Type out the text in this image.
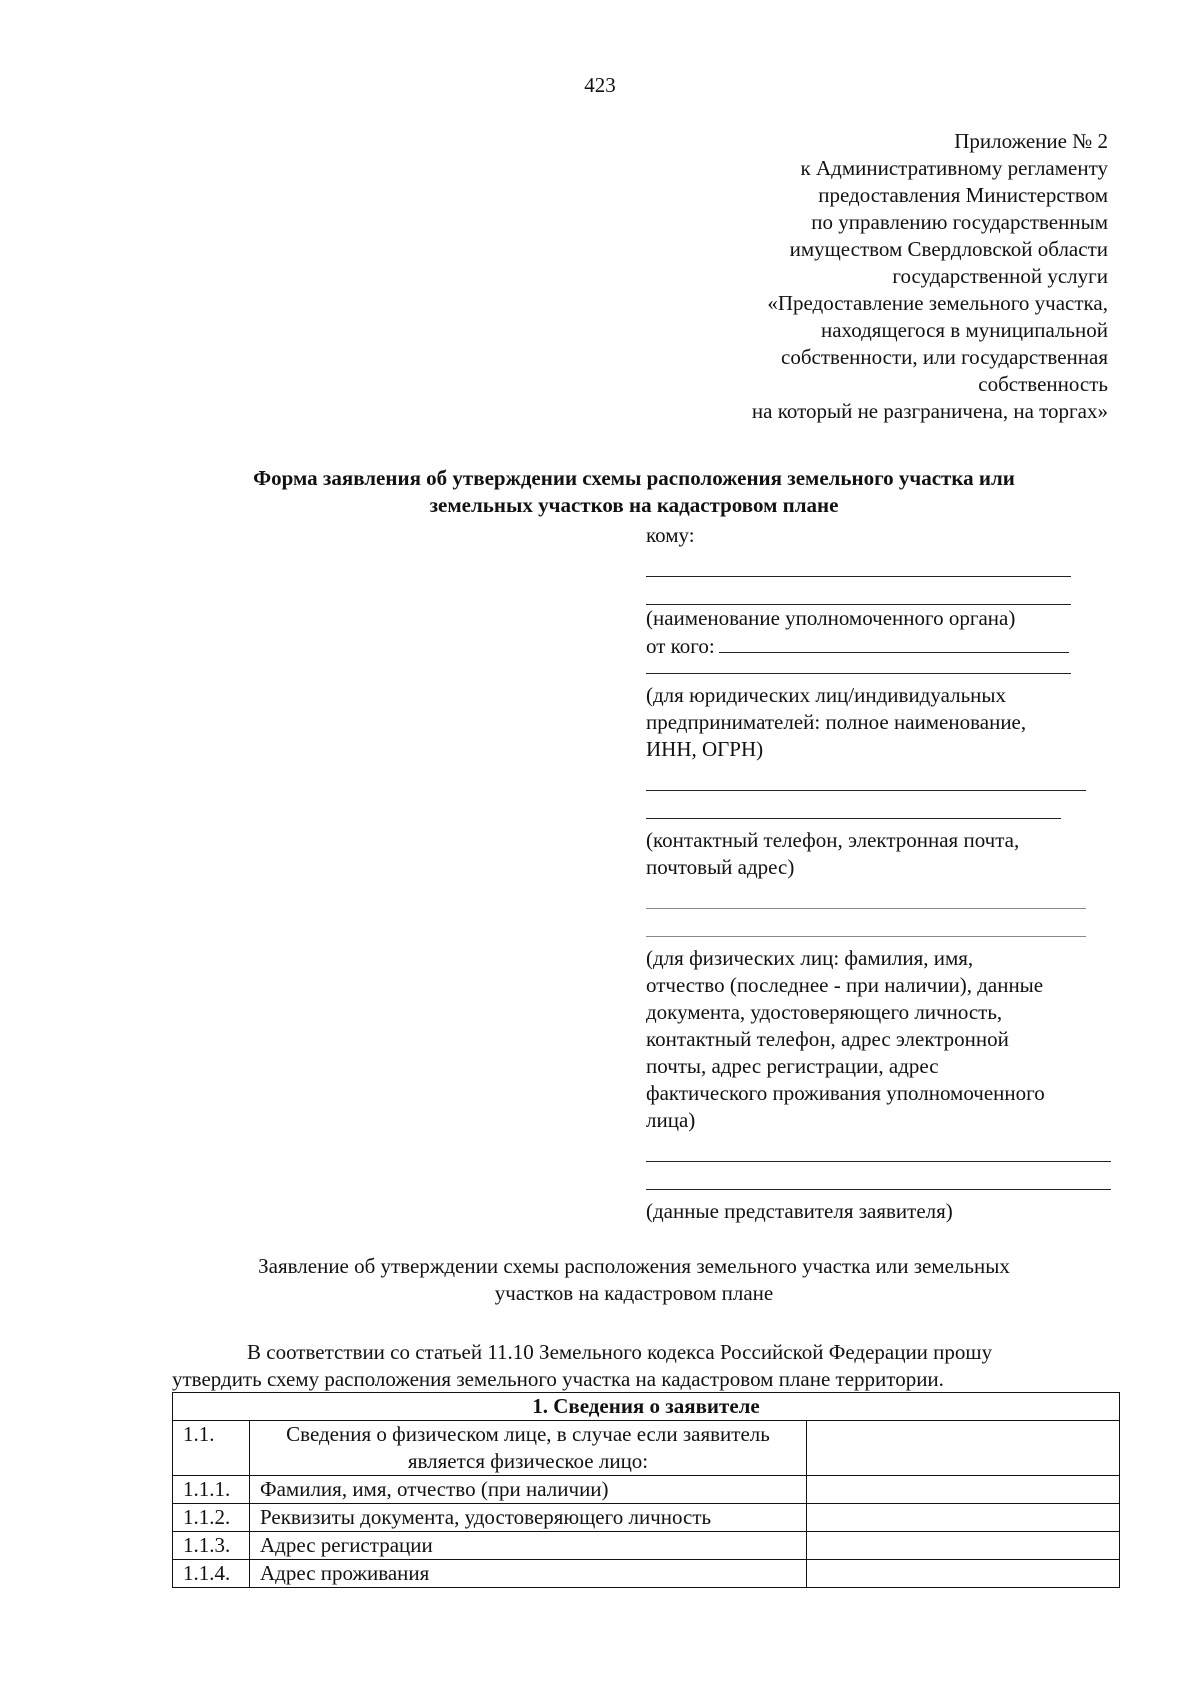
423
Приложение № 2
к Административному регламенту
предоставления Министерством
по управлению государственным
имуществом Свердловской области
государственной услуги
«Предоставление земельного участка,
находящегося в муниципальной
собственности, или государственная
собственность
на который не разграничена, на торгах»
Форма заявления об утверждении схемы расположения земельного участка или
земельных участков на кадастровом плане
кому:
(наименование уполномоченного органа)
от кого:
(для юридических лиц/индивидуальных
предпринимателей: полное наименование,
ИНН, ОГРН)
(контактный телефон, электронная почта,
почтовый адрес)
(для физических лиц: фамилия, имя,
отчество (последнее - при наличии), данные
документа, удостоверяющего личность,
контактный телефон, адрес электронной
почты, адрес регистрации, адрес
фактического проживания уполномоченного
лица)
(данные представителя заявителя)
Заявление об утверждении схемы расположения земельного участка или земельных
участков на кадастровом плане
В соответствии со статьей 11.10 Земельного кодекса Российской Федерации прошу
утвердить схему расположения земельного участка на кадастровом плане территории.
1. Сведения о заявителе		
1.1.	Сведения о физическом лице, в случае если заявитель является физическое лицо:	
1.1.1.	Фамилия, имя, отчество (при наличии)	
1.1.2.	Реквизиты документа, удостоверяющего личность	
1.1.3.	Адрес регистрации	
1.1.4.	Адрес проживания	
